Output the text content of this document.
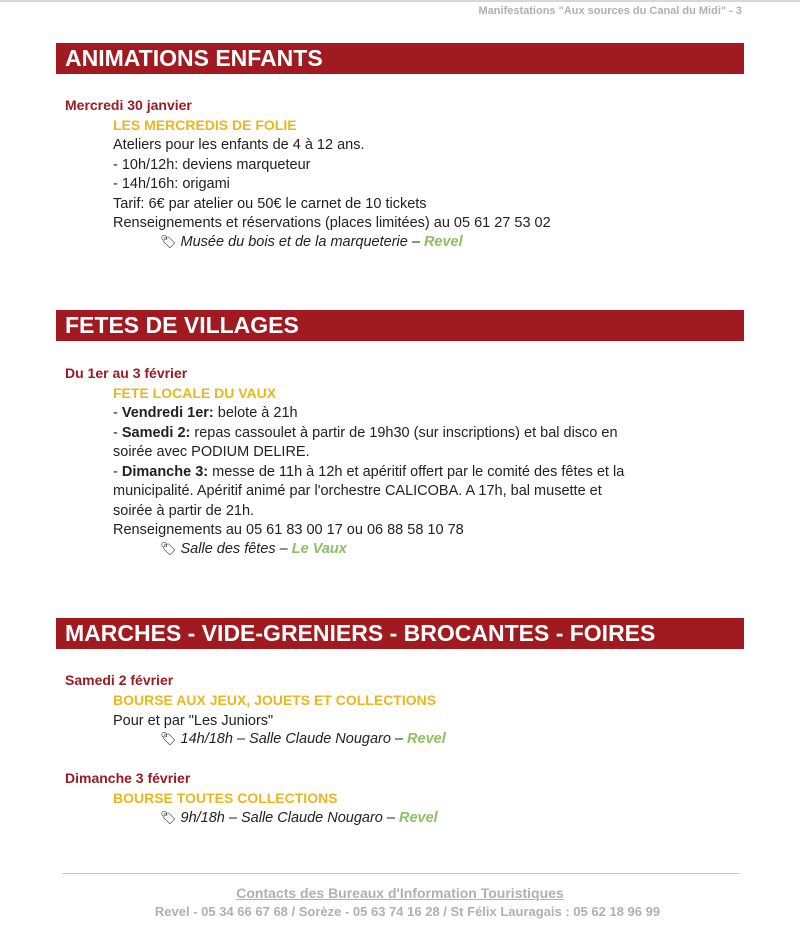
Manifestations "Aux sources du Canal du Midi" - 3
ANIMATIONS ENFANTS
Mercredi 30 janvier
LES MERCREDIS DE FOLIE
Ateliers pour les enfants de 4 à 12 ans.
- 10h/12h: deviens marqueteur
- 14h/16h: origami
Tarif: 6€ par atelier ou 50€ le carnet de 10 tickets
Renseignements et réservations (places limitées) au 05 61 27 53 02
🏷 Musée du bois et de la marqueterie – Revel
FETES DE VILLAGES
Du 1er au 3 février
FETE LOCALE DU VAUX
- Vendredi 1er: belote à 21h
- Samedi 2: repas cassoulet à partir de 19h30 (sur inscriptions) et bal disco en
soirée avec PODIUM DELIRE.
- Dimanche 3: messe de 11h à 12h et apéritif offert par le comité des fêtes et la
municipalité. Apéritif animé par l'orchestre CALICOBA. A 17h, bal musette et
soirée à partir de 21h.
Renseignements au 05 61 83 00 17 ou 06 88 58 10 78
🏷 Salle des fêtes – Le Vaux
MARCHES - VIDE-GRENIERS - BROCANTES - FOIRES
Samedi 2 février
BOURSE AUX JEUX, JOUETS ET COLLECTIONS
Pour et par "Les Juniors"
🏷 14h/18h – Salle Claude Nougaro – Revel
Dimanche 3 février
BOURSE TOUTES COLLECTIONS
🏷 9h/18h – Salle Claude Nougaro – Revel
Contacts des Bureaux d'Information Touristiques
Revel - 05 34 66 67 68 / Sorèze - 05 63 74 16 28 / St Félix Lauragais : 05 62 18 96 99
